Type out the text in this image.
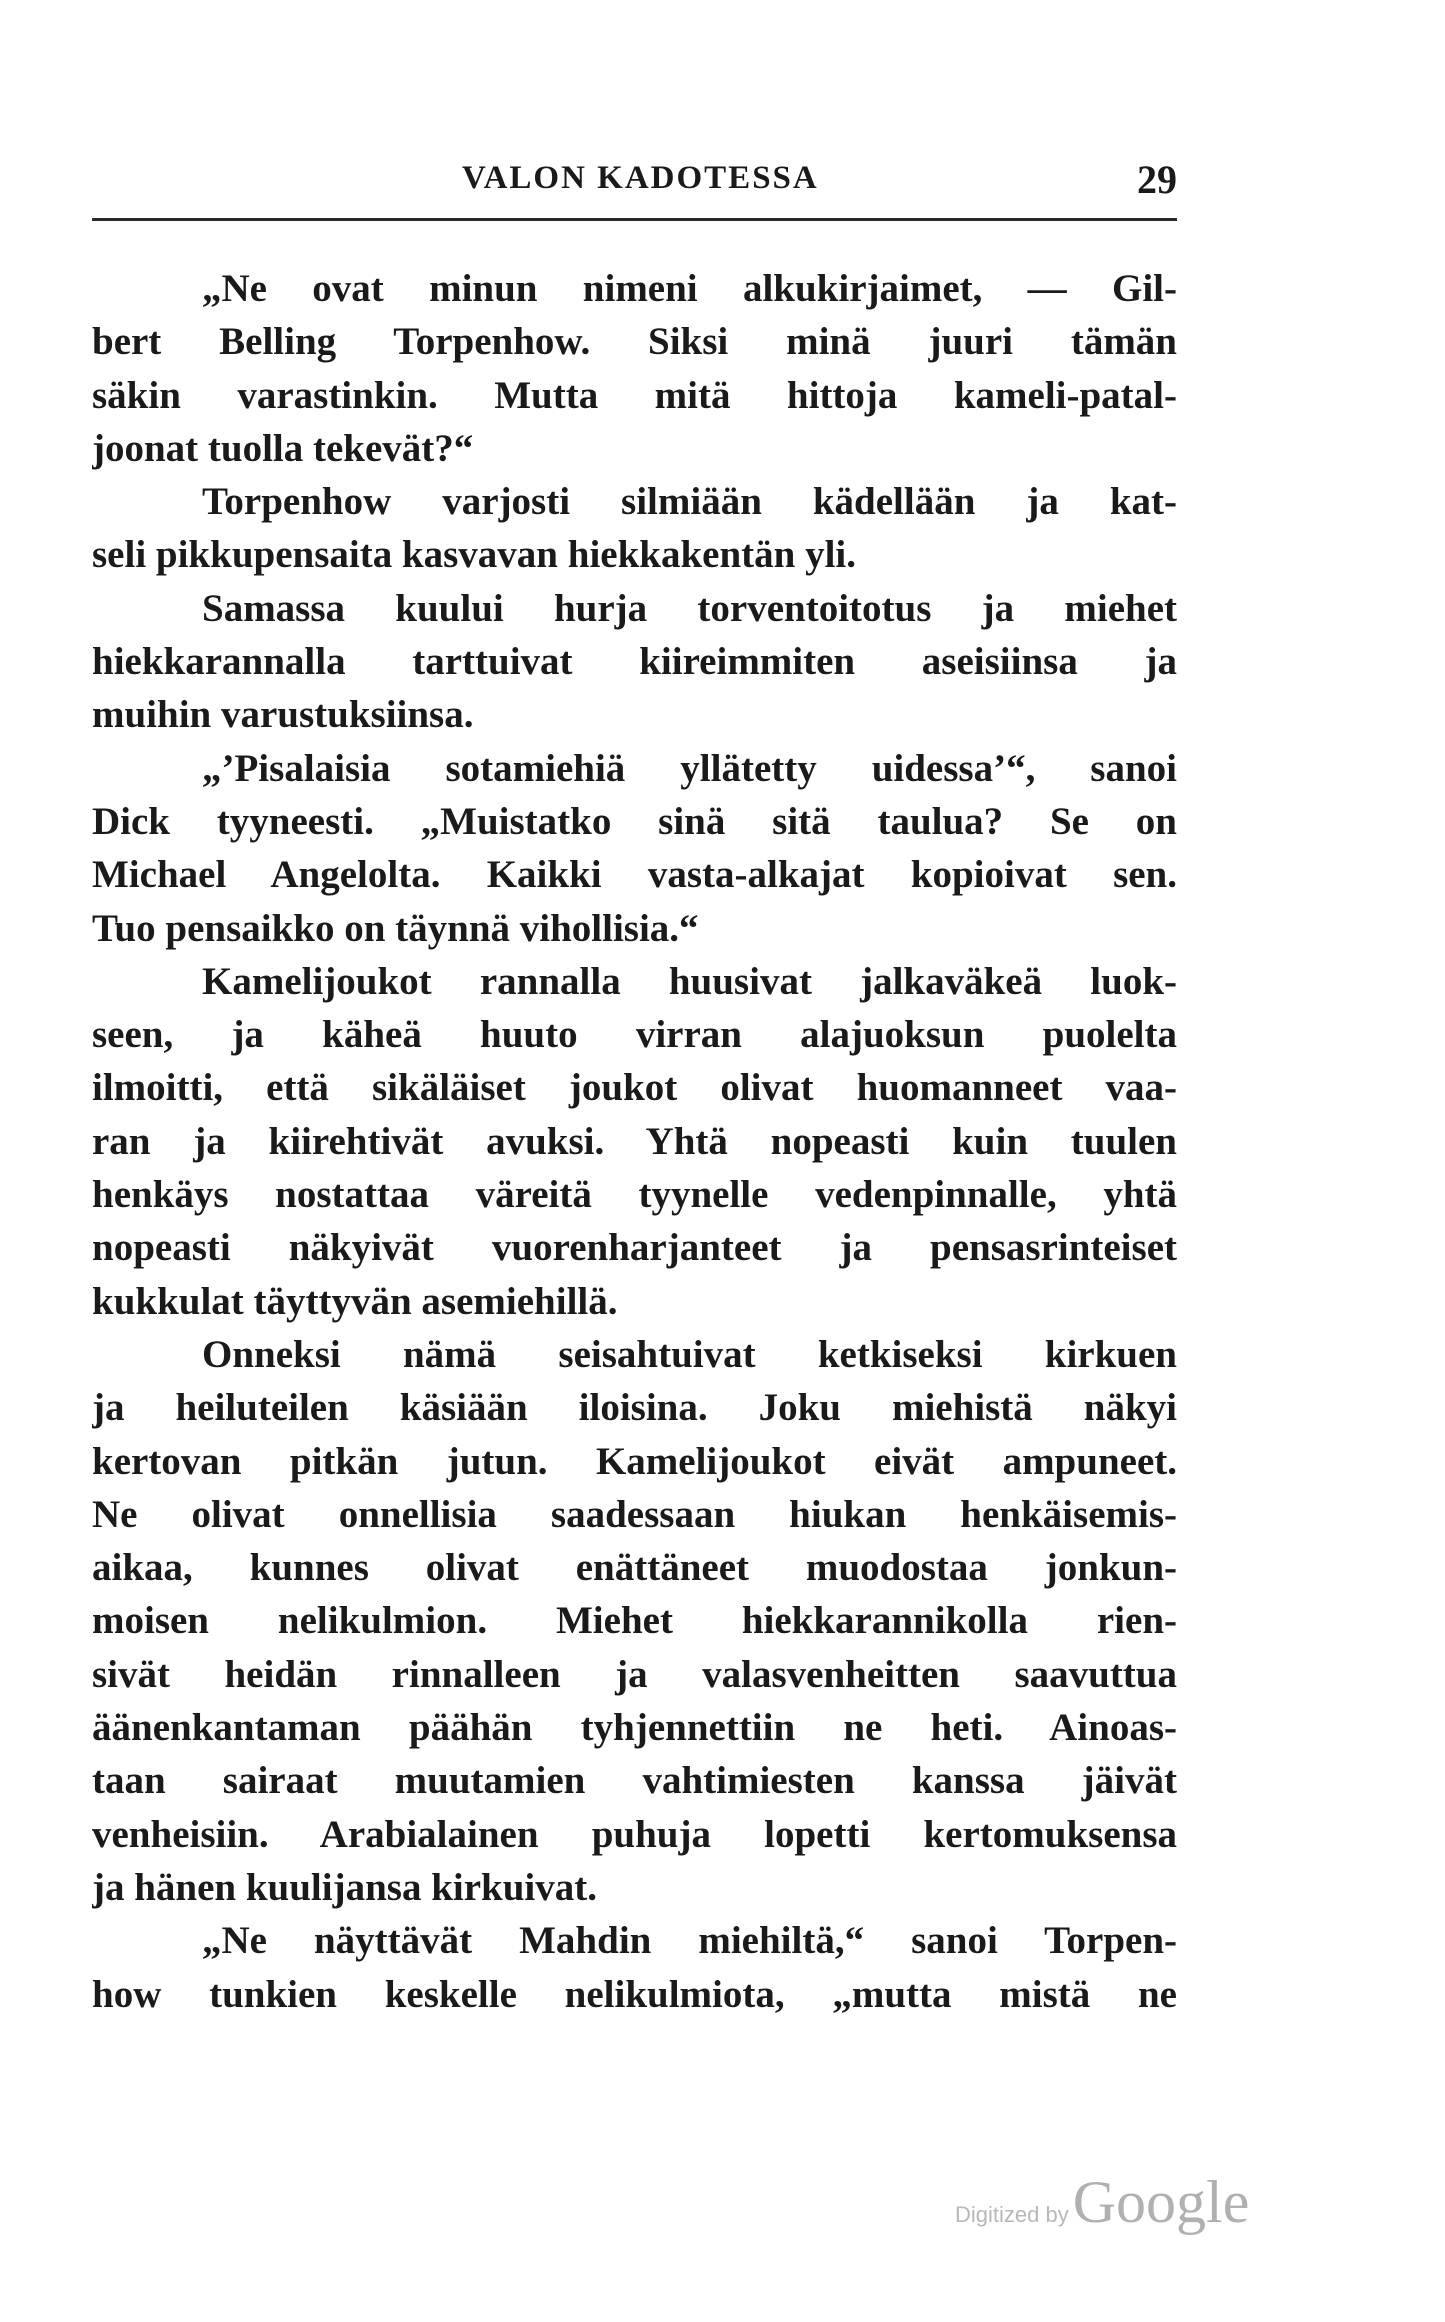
VALON KADOTESSA	29
„Ne ovat minun nimeni alkukirjaimet, — Gil-
bert Belling Torpenhow. Siksi minä juuri tämän
säkin varastinkin. Mutta mitä hittoja kameli-patal-
joonat tuolla tekevät?“
Torpenhow varjosti silmiään kädellään ja kat-
seli pikkupensaita kasvavan hiekkakentän yli.
Samassa kuului hurja torventoitotus ja miehet
hiekkarannalla tarttuivat kiireimmiten aseisiinsa ja
muihin varustuksiinsa.
„’Pisalaisia sotamiehiä yllätetty uidessa’“, sanoi
Dick tyyneesti. „Muistatko sinä sitä taulua? Se on
Michael Angelolta. Kaikki vasta-alkajat kopioivat sen.
Tuo pensaikko on täynnä vihollisia.“
Kamelijoukot rannalla huusivat jalkaväkeä luok-
seen, ja käheä huuto virran alajuoksun puolelta
ilmoitti, että sikäläiset joukot olivat huomanneet vaa-
ran ja kiirehtivät avuksi. Yhtä nopeasti kuin tuulen
henkäys nostattaa väreitä tyynelle vedenpinnalle, yhtä
nopeasti näkyivät vuorenharjanteet ja pensasrinteiset
kukkulat täyttyvän asemiehillä.
Onneksi nämä seisahtuivat ketkiseksi kirkuen
ja heiluteilen käsiään iloisina. Joku miehistä näkyi
kertovan pitkän jutun. Kamelijoukot eivät ampuneet.
Ne olivat onnellisia saadessaan hiukan henkäisemis-
aikaa, kunnes olivat enättäneet muodostaa jonkun-
moisen nelikulmion. Miehet hiekkarannikolla rien-
sivät heidän rinnalleen ja valasvenheitten saavuttua
äänenkantaman päähän tyhjennettiin ne heti. Ainoas-
taan sairaat muutamien vahtimiesten kanssa jäivät
venheisiin. Arabialainen puhuja lopetti kertomuksensa
ja hänen kuulijansa kirkuivat.
„Ne näyttävät Mahdin miehiltä,“ sanoi Torpen-
how tunkien keskelle nelikulmiota, „mutta mistä ne
Digitized byGoogle
